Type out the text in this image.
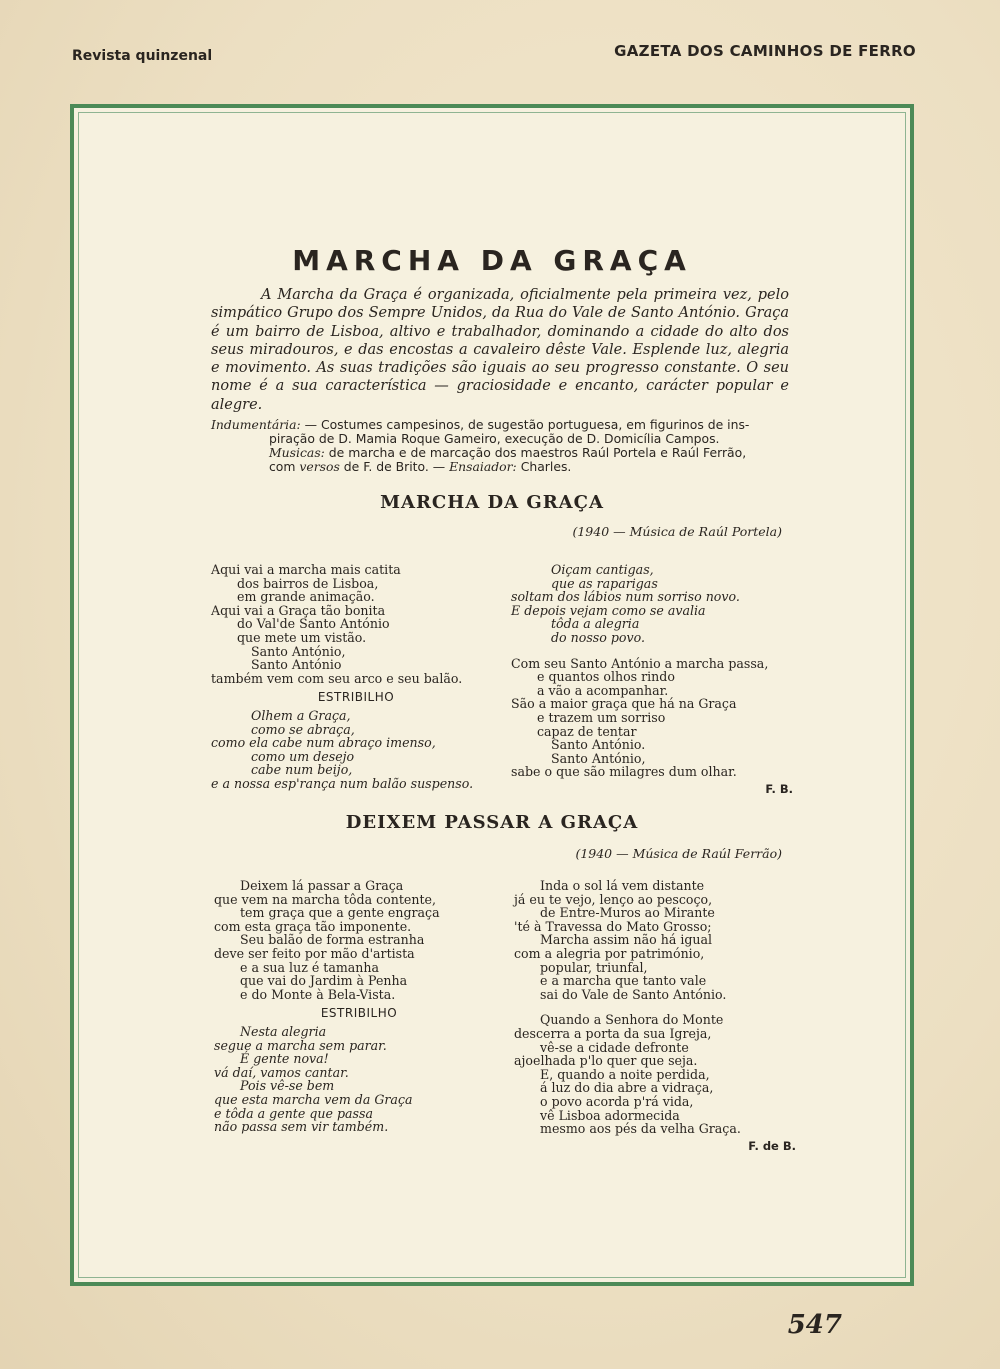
Revista quinzenal	GAZETA DOS CAMINHOS DE FERRO
MARCHA DA GRAÇA

A Marcha da Graça é organizada, oficialmente pela primeira vez, pelo simpático Grupo dos Sempre Unidos, da Rua do Vale de Santo António. Graça é um bairro de Lisboa, altivo e trabalhador, dominando a cidade do alto dos seus miradouros, e das encostas a cavaleiro dêste Vale. Esplende luz, alegria e movimento. As suas tradições são iguais ao seu progresso constante. O seu nome é a sua característica — graciosidade e encanto, carácter popular e alegre.

Indumentária: — Costumes campesinos, de sugestão portuguesa, em figurinos de ins-
piração de D. Mamia Roque Gameiro, execução de D. Domicília Campos.
Musicas: de marcha e de marcação dos maestros Raúl Portela e Raúl Ferrão,
com versos de F. de Brito. — Ensaiador: Charles.
MARCHA DA GRAÇA

(1940 — Música de Raúl Portela)

Aqui vai a marcha mais catita
dos bairros de Lisboa,
em grande animação.
Aqui vai a Graça tão bonita
do Val'de Santo António
que mete um vistão.
Santo António,
Santo António
também vem com seu arco e seu balão.
ESTRIBILHO
Olhem a Graça,
como se abraça,
como ela cabe num abraço imenso,
como um desejo
cabe num beijo,
e a nossa esp'rança num balão suspenso.
Oiçam cantigas,
que as raparigas
soltam dos lábios num sorriso novo.
E depois vejam como se avalia
tôda a alegria
do nosso povo.
Com seu Santo António a marcha passa,
e quantos olhos rindo
a vão a acompanhar.
São a maior graça que há na Graça
e trazem um sorriso
capaz de tentar
Santo António.
Santo António,
sabe o que são milagres dum olhar.
F. B.
DEIXEM PASSAR A GRAÇA

(1940 — Música de Raúl Ferrão)

Deixem lá passar a Graça
que vem na marcha tôda contente,
tem graça que a gente engraça
com esta graça tão imponente.
Seu balão de forma estranha
deve ser feito por mão d'artista
e a sua luz é tamanha
que vai do Jardim à Penha
e do Monte à Bela-Vista.
ESTRIBILHO
Nesta alegria
segue a marcha sem parar.
É gente nova!
vá daí, vamos cantar.
Pois vê-se bem
que esta marcha vem da Graça
e tôda a gente que passa
não passa sem vir também.
Inda o sol lá vem distante
já eu te vejo, lenço ao pescoço,
de Entre-Muros ao Mirante
'té à Travessa do Mato Grosso;
Marcha assim não há igual
com a alegria por património,
popular, triunfal,
e a marcha que tanto vale
sai do Vale de Santo António.
Quando a Senhora do Monte
descerra a porta da sua Igreja,
vê-se a cidade defronte
ajoelhada p'lo quer que seja.
E, quando a noite perdida,
á luz do dia abre a vidraça,
o povo acorda p'rá vida,
vê Lisboa adormecida
mesmo aos pés da velha Graça.
F. de B.
547
